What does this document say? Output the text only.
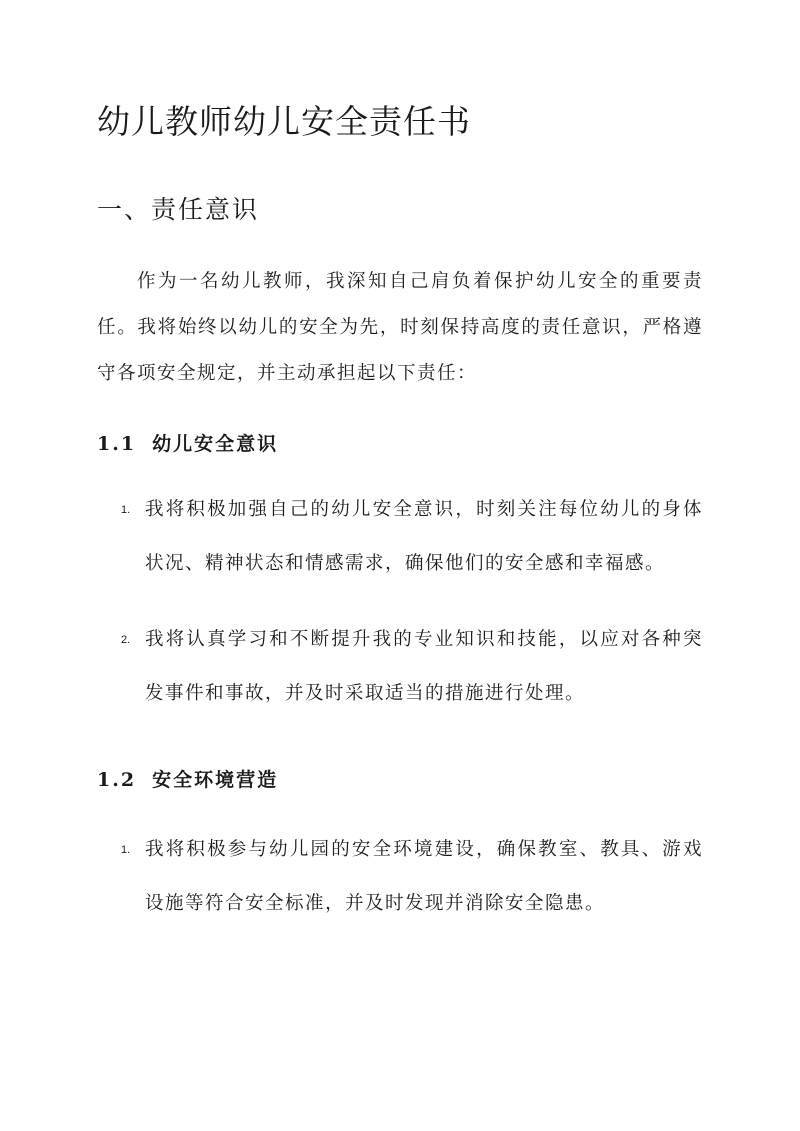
幼儿教师幼儿安全责任书
一、责任意识

作为一名幼儿教师，我深知自己肩负着保护幼儿安全的重要责任。我将始终以幼儿的安全为先，时刻保持高度的责任意识，严格遵守各项安全规定，并主动承担起以下责任：

1.1 幼儿安全意识
1. 我将积极加强自己的幼儿安全意识，时刻关注每位幼儿的身体状况、精神状态和情感需求，确保他们的安全感和幸福感。
2. 我将认真学习和不断提升我的专业知识和技能，以应对各种突发事件和事故，并及时采取适当的措施进行处理。
1.2 安全环境营造
1. 我将积极参与幼儿园的安全环境建设，确保教室、教具、游戏设施等符合安全标准，并及时发现并消除安全隐患。
